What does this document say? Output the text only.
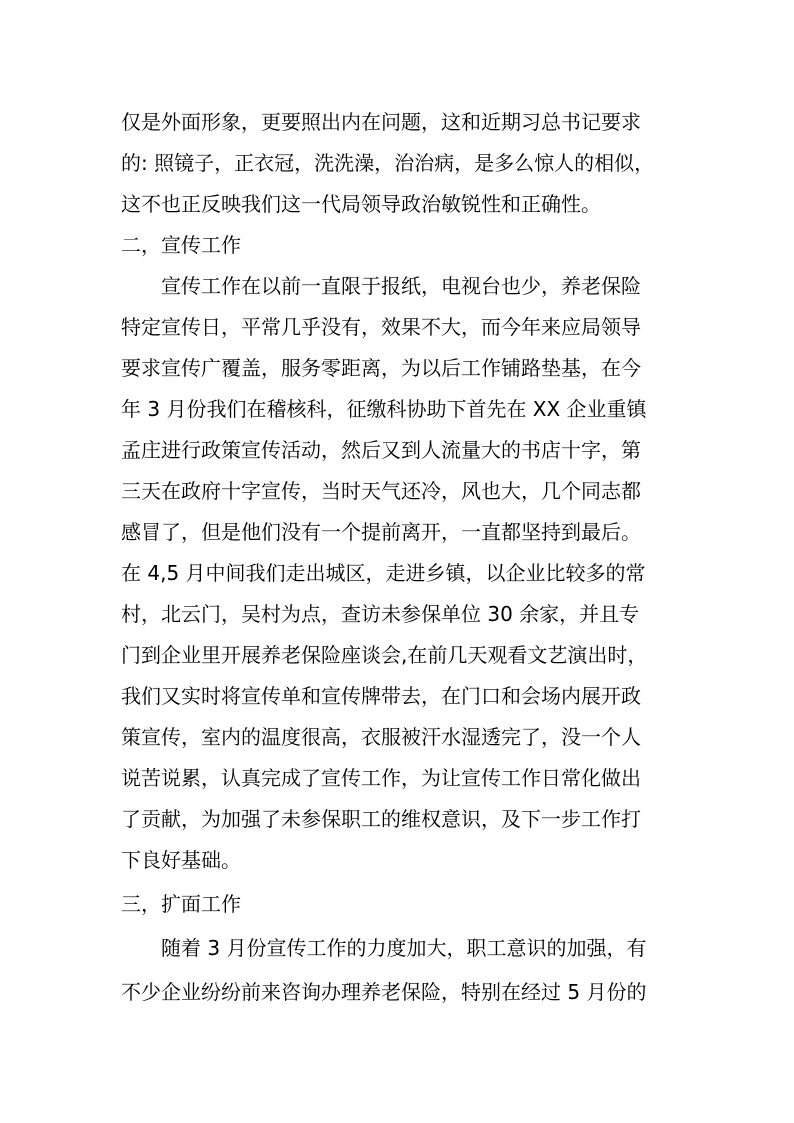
仅是外面形象，更要照出内在问题，这和近期习总书记要求
的: 照镜子，正衣冠，洗洗澡，治治病，是多么惊人的相似，
这不也正反映我们这一代局领导政治敏锐性和正确性。
二，宣传工作
宣传工作在以前一直限于报纸，电视台也少，养老保险
特定宣传日，平常几乎没有，效果不大，而今年来应局领导
要求宣传广覆盖，服务零距离，为以后工作铺路垫基，在今
年 3 月份我们在稽核科，征缴科协助下首先在 XX 企业重镇
孟庄进行政策宣传活动，然后又到人流量大的书店十字，第
三天在政府十字宣传，当时天气还冷，风也大，几个同志都
感冒了，但是他们没有一个提前离开，一直都坚持到最后。
在 4,5 月中间我们走出城区，走进乡镇，以企业比较多的常
村，北云门，吴村为点，查访未参保单位 30 余家，并且专
门到企业里开展养老保险座谈会,在前几天观看文艺演出时，
我们又实时将宣传单和宣传牌带去，在门口和会场内展开政
策宣传，室内的温度很高，衣服被汗水湿透完了，没一个人
说苦说累，认真完成了宣传工作，为让宣传工作日常化做出
了贡献，为加强了未参保职工的维权意识，及下一步工作打
下良好基础。
三，扩面工作
随着 3 月份宣传工作的力度加大，职工意识的加强，有
不少企业纷纷前来咨询办理养老保险，特别在经过 5 月份的
